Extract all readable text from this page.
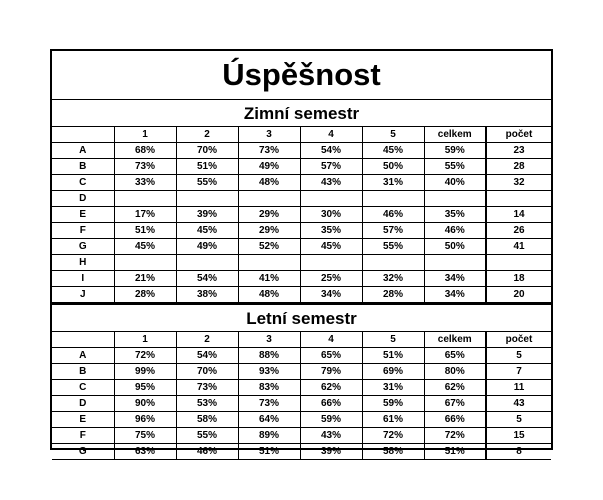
Úspěšnost
Zimní semestr
	1	2	3	4	5	celkem	počet
A	68%	70%	73%	54%	45%	59%	23
B	73%	51%	49%	57%	50%	55%	28
C	33%	55%	48%	43%	31%	40%	32
D							
E	17%	39%	29%	30%	46%	35%	14
F	51%	45%	29%	35%	57%	46%	26
G	45%	49%	52%	45%	55%	50%	41
H							
I	21%	54%	41%	25%	32%	34%	18
J	28%	38%	48%	34%	28%	34%	20
Letní semestr
	1	2	3	4	5	celkem	počet
A	72%	54%	88%	65%	51%	65%	5
B	99%	70%	93%	79%	69%	80%	7
C	95%	73%	83%	62%	31%	62%	11
D	90%	53%	73%	66%	59%	67%	43
E	96%	58%	64%	59%	61%	66%	5
F	75%	55%	89%	43%	72%	72%	15
G	63%	46%	51%	39%	58%	51%	8
